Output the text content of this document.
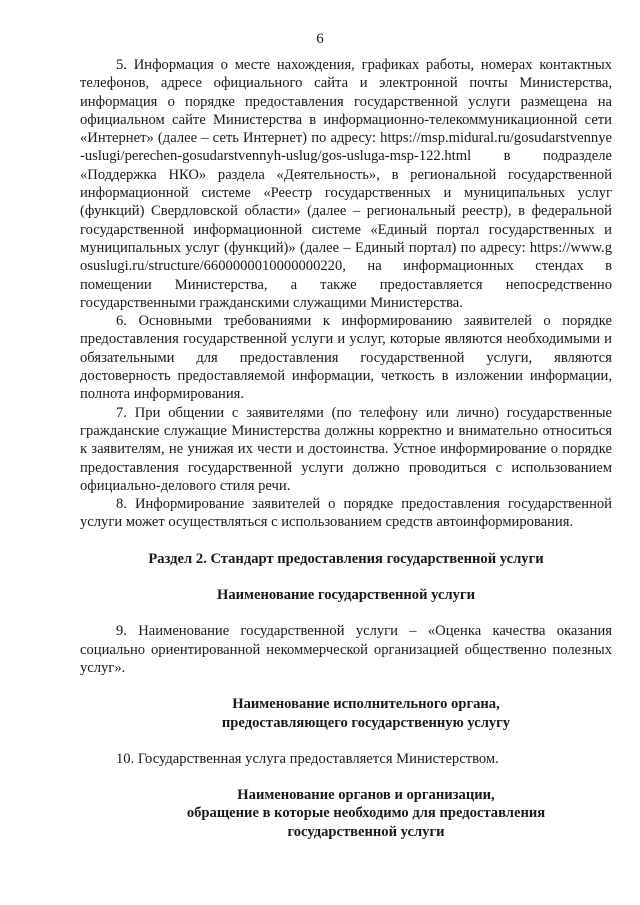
6

5. Информация о месте нахождения, графиках работы, номерах контактных телефонов, адресе официального сайта и электронной почты Министерства, информация о порядке предоставления государственной услуги размещена на официальном сайте Министерства в информационно-телекоммуникационной сети «Интернет» (далее – сеть Интернет) по адресу: https://msp.midural.ru/gosudarstvennye-uslugi/perechen-gosudarstvennyh-uslug/gos-usluga-msp-122.html в подразделе «Поддержка НКО» раздела «Деятельность», в региональной государственной информационной системе «Реестр государственных и муниципальных услуг (функций) Свердловской области» (далее – региональный реестр), в федеральной государственной информационной системе «Единый портал государственных и муниципальных услуг (функций)» (далее – Единый портал) по адресу: https://www.gosuslugi.ru/structure/6600000010000000220, на информационных стендах в помещении Министерства, а также предоставляется непосредственно государственными гражданскими служащими Министерства.

6. Основными требованиями к информированию заявителей о порядке предоставления государственной услуги и услуг, которые являются необходимыми и обязательными для предоставления государственной услуги, являются достоверность предоставляемой информации, четкость в изложении информации, полнота информирования.

7. При общении с заявителями (по телефону или лично) государственные гражданские служащие Министерства должны корректно и внимательно относиться к заявителям, не унижая их чести и достоинства. Устное информирование о порядке предоставления государственной услуги должно проводиться с использованием официально-делового стиля речи.

8. Информирование заявителей о порядке предоставления государственной услуги может осуществляться с использованием средств автоинформирования.

Раздел 2. Стандарт предоставления государственной услуги

Наименование государственной услуги

9. Наименование государственной услуги – «Оценка качества оказания социально ориентированной некоммерческой организацией общественно полезных услуг».

Наименование исполнительного органа,
предоставляющего государственную услугу

10. Государственная услуга предоставляется Министерством.

Наименование органов и организации,
обращение в которые необходимо для предоставления
государственной услуги
